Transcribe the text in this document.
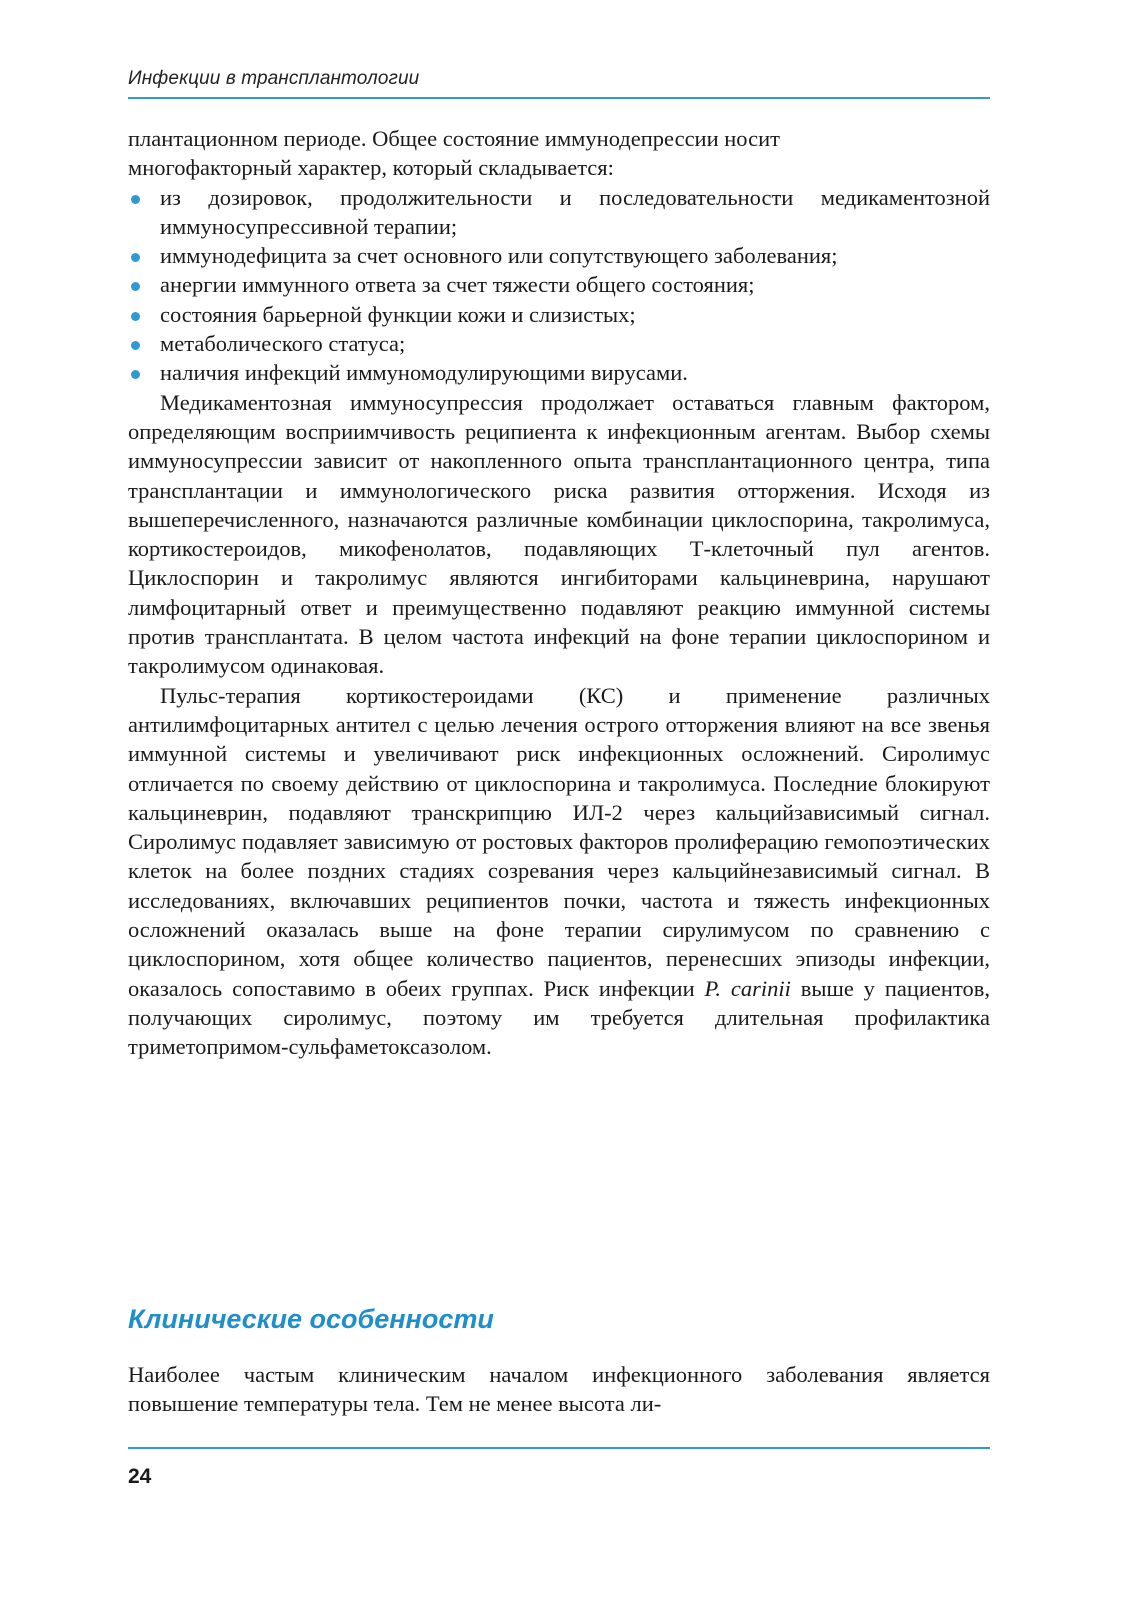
Инфекции в трансплантологии

плантационном периоде. Общее состояние иммунодепрессии носит
многофакторный характер, который складывается:

из дозировок, продолжительности и последовательности медикаментозной иммуносупрессивной терапии;
иммунодефицита за счет основного или сопутствующего заболевания;
анергии иммунного ответа за счет тяжести общего состояния;
состояния барьерной функции кожи и слизистых;
метаболического статуса;
наличия инфекций иммуномодулирующими вирусами.

Медикаментозная иммуносупрессия продолжает оставаться главным фактором, определяющим восприимчивость реципиента к инфекционным агентам. Выбор схемы иммуносупрессии зависит от накопленного опыта трансплантационного центра, типа трансплантации и иммунологического риска развития отторжения. Исходя из вышеперечисленного, назначаются различные комбинации циклоспорина, такролимуса, кортикостероидов, микофенолатов, подавляющих Т-клеточный пул агентов. Циклоспорин и такролимус являются ингибиторами кальциневрина, нарушают лимфоцитарный ответ и преимущественно подавляют реакцию иммунной системы против трансплантата. В целом частота инфекций на фоне терапии циклоспорином и такролимусом одинаковая.

Пульс-терапия кортикостероидами (КС) и применение различных антилимфоцитарных антител с целью лечения острого отторжения влияют на все звенья иммунной системы и увеличивают риск инфекционных осложнений. Сиролимус отличается по своему действию от циклоспорина и такролимуса. Последние блокируют кальциневрин, подавляют транскрипцию ИЛ-2 через кальцийзависимый сигнал. Сиролимус подавляет зависимую от ростовых факторов пролиферацию гемопоэтических клеток на более поздних стадиях созревания через кальцийнезависимый сигнал. В исследованиях, включавших реципиентов почки, частота и тяжесть инфекционных осложнений оказалась выше на фоне терапии сирулимусом по сравнению с циклоспорином, хотя общее количество пациентов, перенесших эпизоды инфекции, оказалось сопоставимо в обеих группах. Риск инфекции P. carinii выше у пациентов, получающих сиролимус, поэтому им требуется длительная профилактика триметопримом-сульфаметоксазолом.

Клинические особенности

Наиболее частым клиническим началом инфекционного заболевания является повышение температуры тела. Тем не менее высота ли-

24
